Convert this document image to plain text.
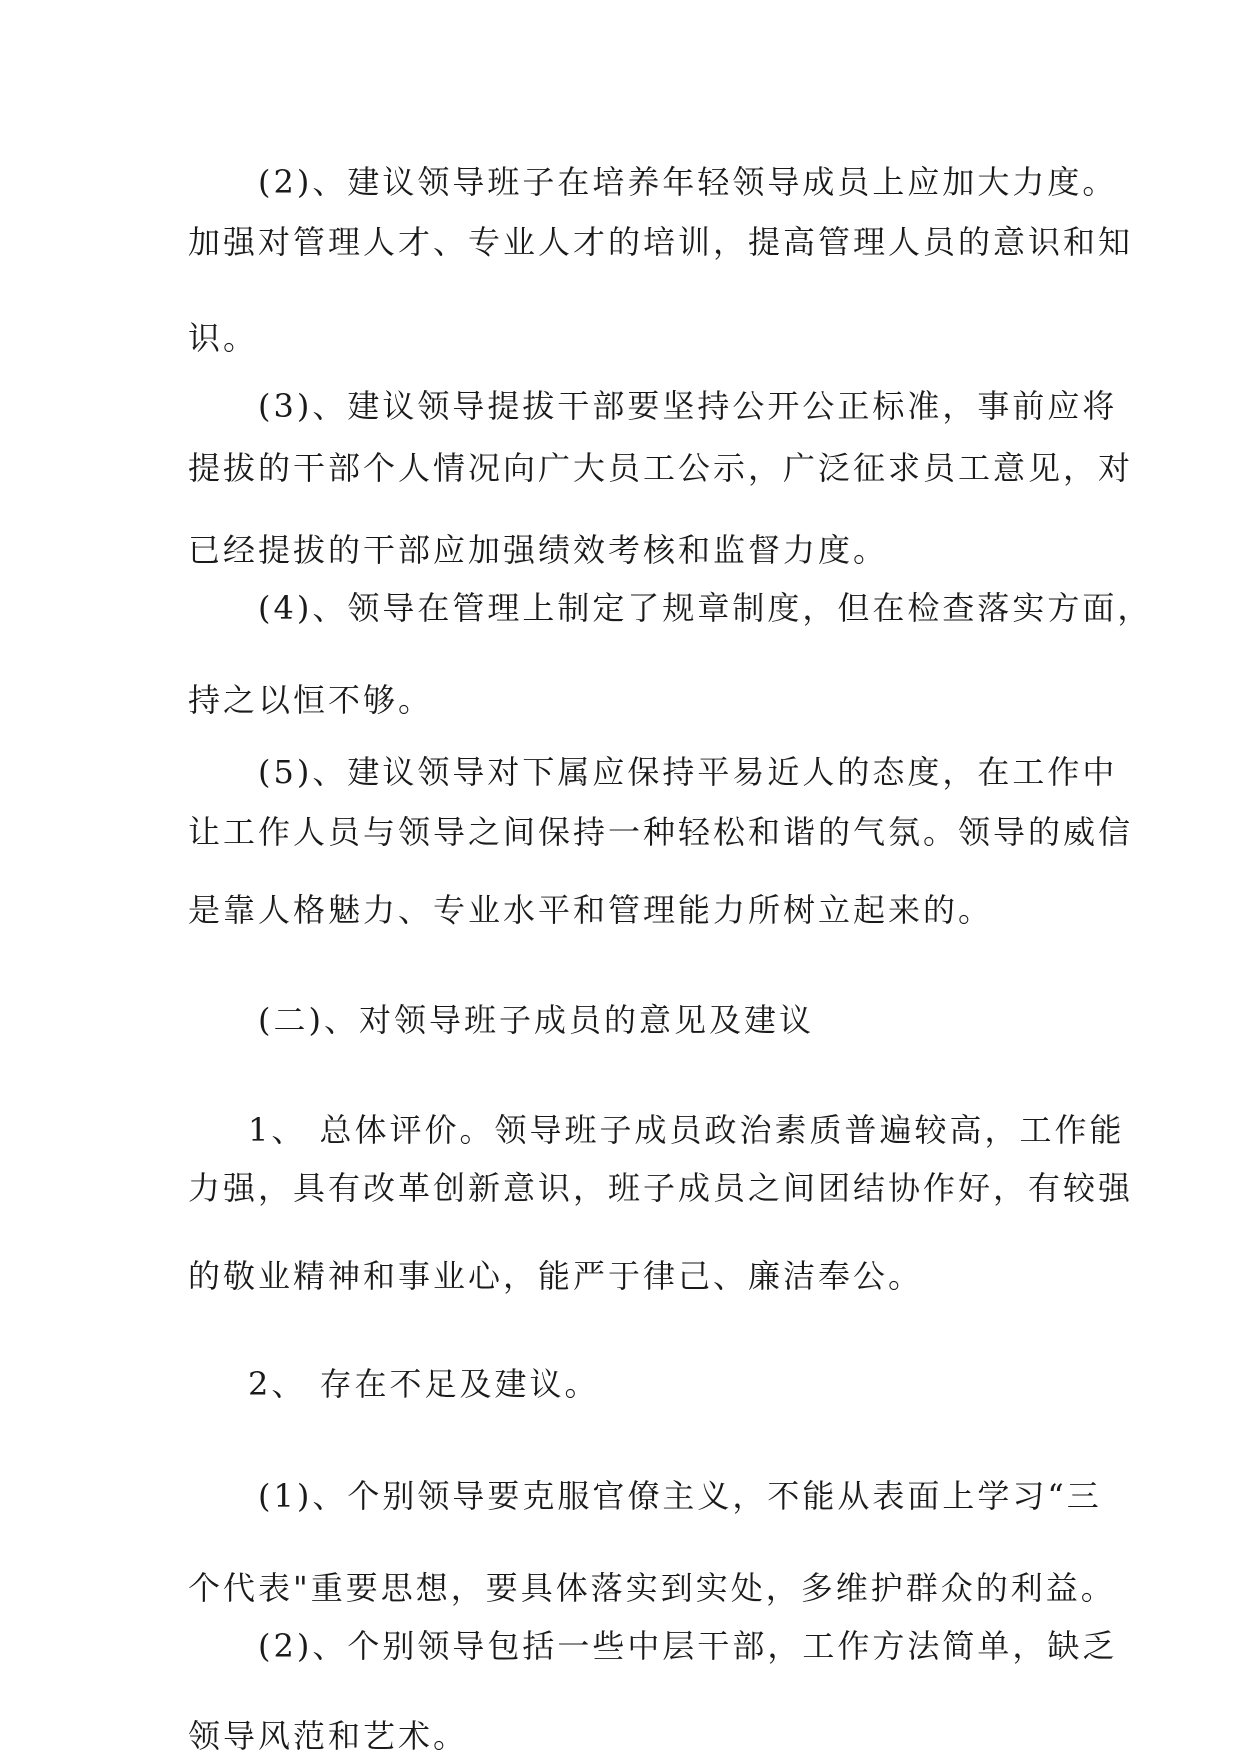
(2)、建议领导班子在培养年轻领导成员上应加大力度。

加强对管理人才、专业人才的培训，提高管理人员的意识和知

识。

(3)、建议领导提拔干部要坚持公开公正标准，事前应将

提拔的干部个人情况向广大员工公示，广泛征求员工意见，对

已经提拔的干部应加强绩效考核和监督力度。

(4)、领导在管理上制定了规章制度，但在检查落实方面，

持之以恒不够。

(5)、建议领导对下属应保持平易近人的态度，在工作中

让工作人员与领导之间保持一种轻松和谐的气氛。领导的威信

是靠人格魅力、专业水平和管理能力所树立起来的。

(二)、对领导班子成员的意见及建议

1、 总体评价。领导班子成员政治素质普遍较高，工作能

力强，具有改革创新意识，班子成员之间团结协作好，有较强

的敬业精神和事业心，能严于律己、廉洁奉公。

2、 存在不足及建议。

(1)、个别领导要克服官僚主义，不能从表面上学习“三

个代表"重要思想，要具体落实到实处，多维护群众的利益。

(2)、个别领导包括一些中层干部，工作方法简单，缺乏

领导风范和艺术。
